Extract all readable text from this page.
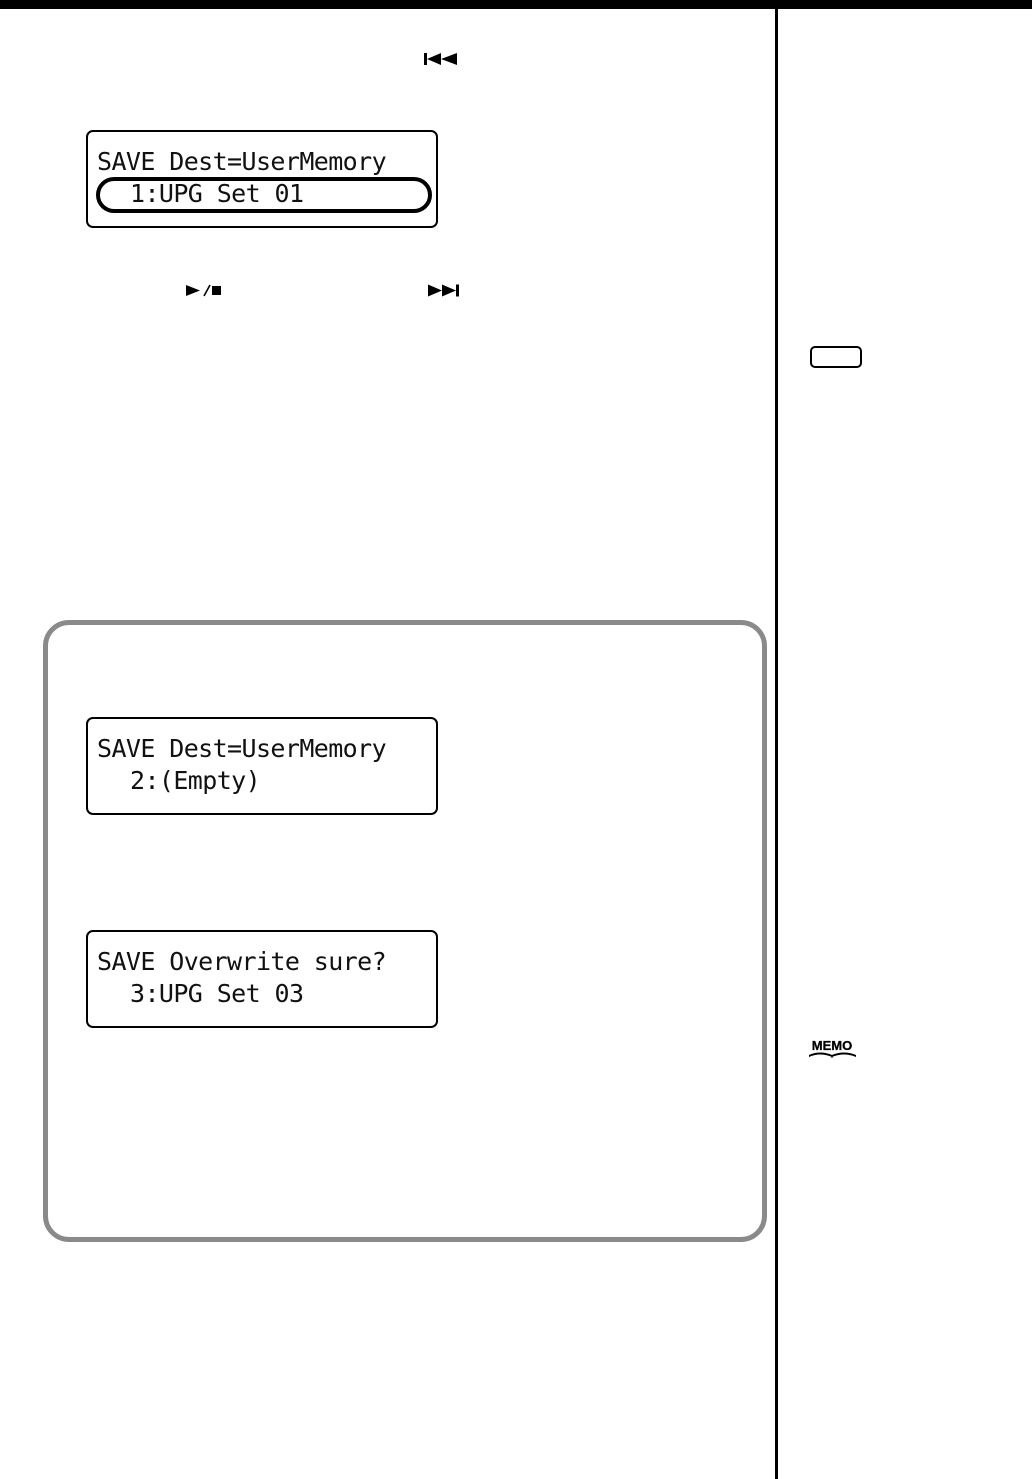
SAVE Dest=UserMemory
1:UPG Set 01
SAVE Dest=UserMemory
2:(Empty)
SAVE Overwrite sure?
3:UPG Set 03
MEMO
